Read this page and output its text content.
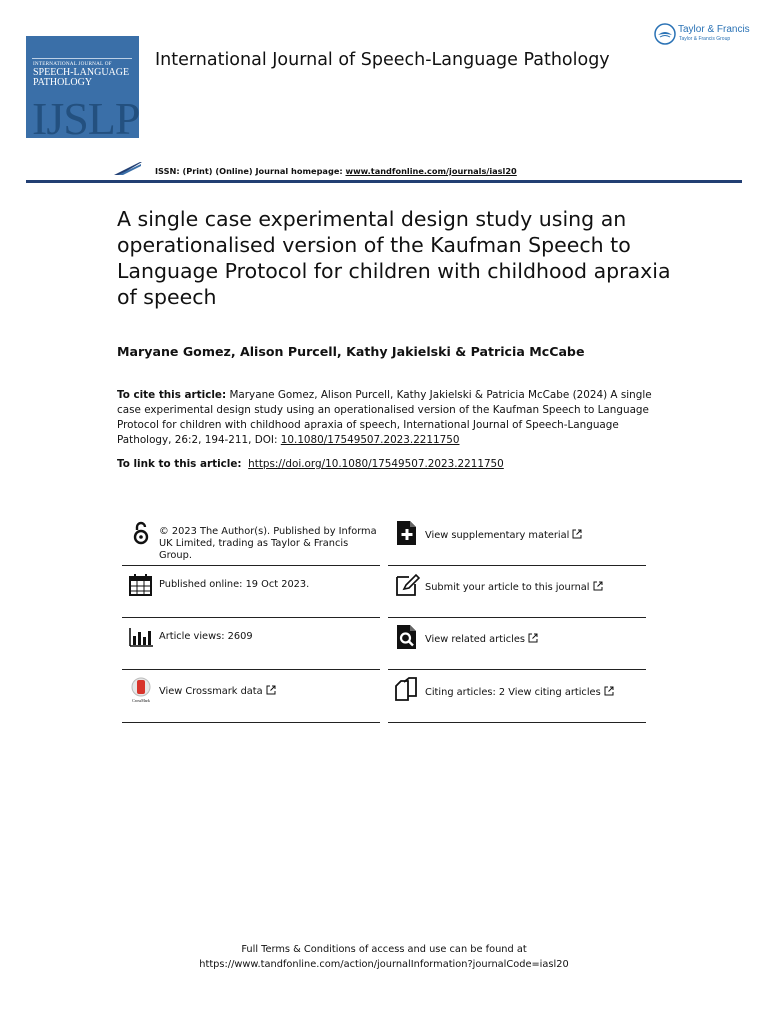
INTERNATIONAL JOURNAL OF
SPEECH-LANGUAGE
PATHOLOGY
IJSLP
International Journal of Speech-Language Pathology
Taylor & Francis
Taylor & Francis Group
ISSN: (Print) (Online) Journal homepage: www.tandfonline.com/journals/iasl20
A single case experimental design study using an operationalised version of the Kaufman Speech to Language Protocol for children with childhood apraxia of speech
Maryane Gomez, Alison Purcell, Kathy Jakielski & Patricia McCabe
To cite this article: Maryane Gomez, Alison Purcell, Kathy Jakielski & Patricia McCabe (2024) A single case experimental design study using an operationalised version of the Kaufman Speech to Language Protocol for children with childhood apraxia of speech, International Journal of Speech-Language Pathology, 26:2, 194-211, DOI: 10.1080/17549507.2023.2211750
To link to this article: https://doi.org/10.1080/17549507.2023.2211750
© 2023 The Author(s). Published by Informa UK Limited, trading as Taylor & Francis Group.
Published online: 19 Oct 2023.
Article views: 2609
CrossMark
View Crossmark data
View supplementary material
Submit your article to this journal
View related articles
Citing articles: 2 View citing articles
Full Terms & Conditions of access and use can be found at
https://www.tandfonline.com/action/journalInformation?journalCode=iasl20
